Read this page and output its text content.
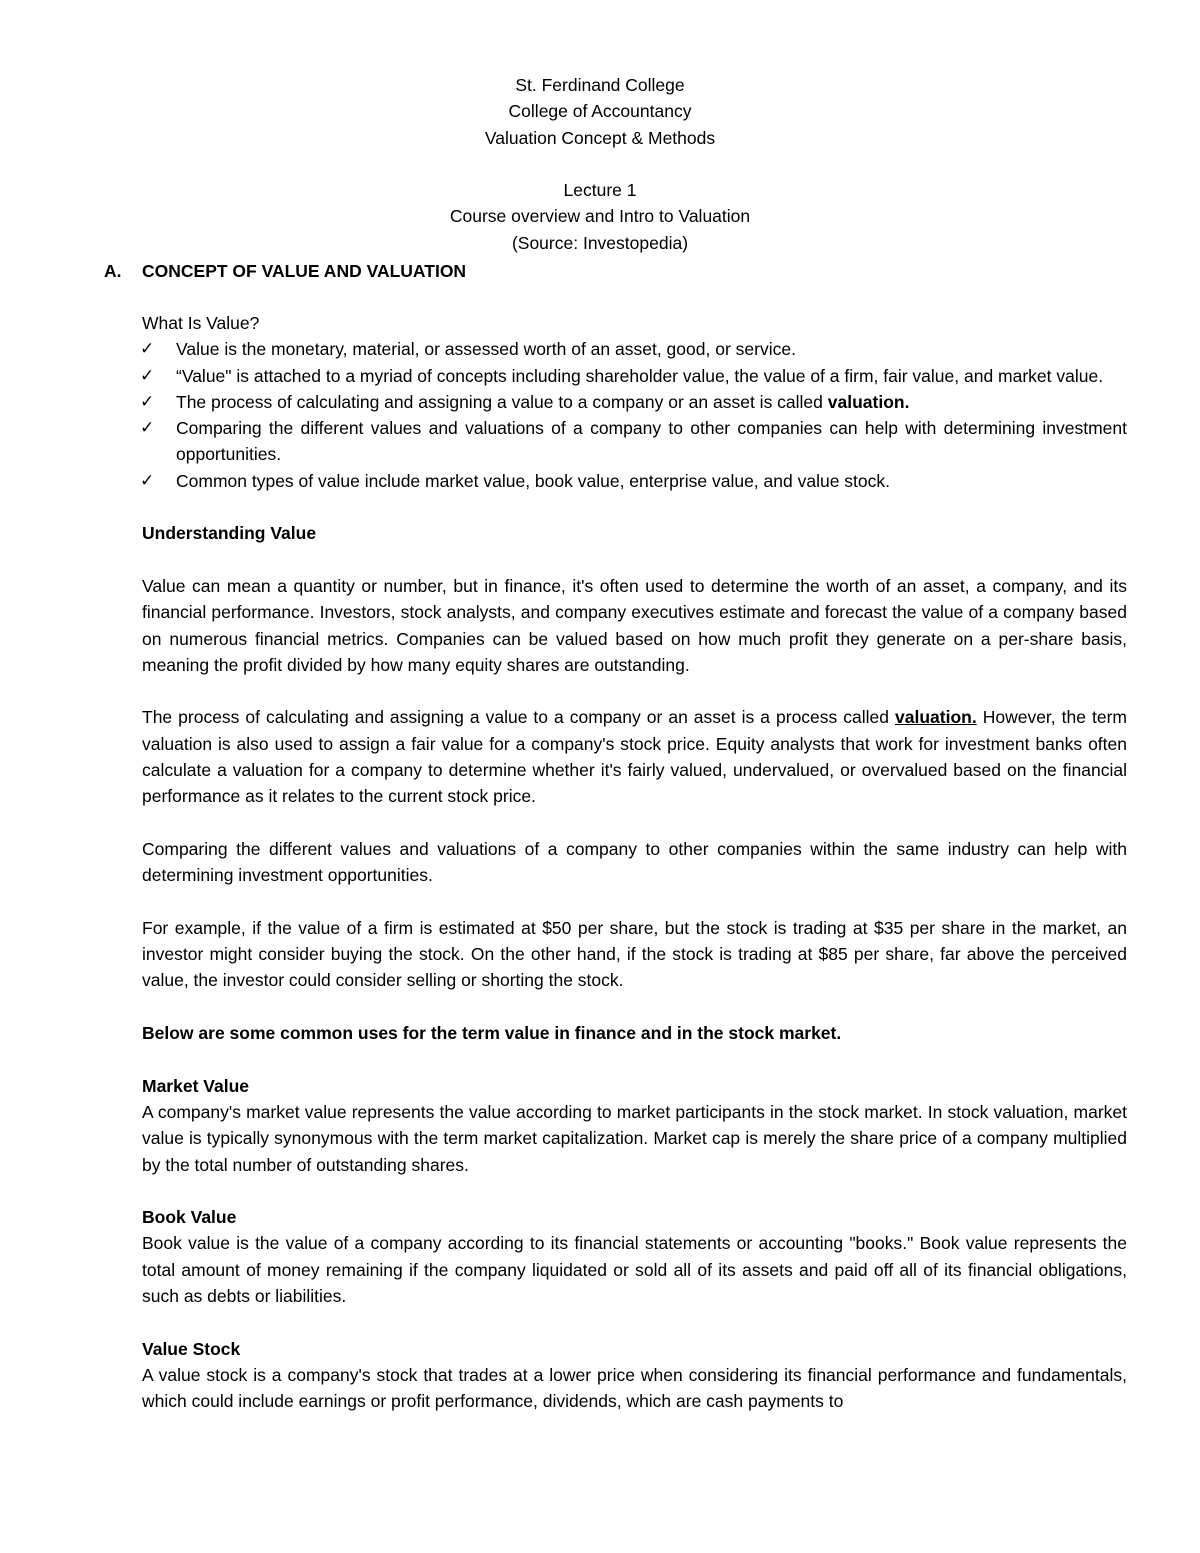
St. Ferdinand College
College of Accountancy
Valuation Concept & Methods
Lecture 1
Course overview and Intro to Valuation
(Source: Investopedia)
A. CONCEPT OF VALUE AND VALUATION

What Is Value?

✓ Value is the monetary, material, or assessed worth of an asset, good, or service.
✓ “Value" is attached to a myriad of concepts including shareholder value, the value of a firm, fair value, and market value.
✓ The process of calculating and assigning a value to a company or an asset is called valuation.
✓ Comparing the different values and valuations of a company to other companies can help with determining investment opportunities.
✓ Common types of value include market value, book value, enterprise value, and value stock.

Understanding Value

Value can mean a quantity or number, but in finance, it's often used to determine the worth of an asset, a company, and its financial performance. Investors, stock analysts, and company executives estimate and forecast the value of a company based on numerous financial metrics. Companies can be valued based on how much profit they generate on a per-share basis, meaning the profit divided by how many equity shares are outstanding.

The process of calculating and assigning a value to a company or an asset is a process called valuation. However, the term valuation is also used to assign a fair value for a company's stock price. Equity analysts that work for investment banks often calculate a valuation for a company to determine whether it's fairly valued, undervalued, or overvalued based on the financial performance as it relates to the current stock price.

Comparing the different values and valuations of a company to other companies within the same industry can help with determining investment opportunities.

For example, if the value of a firm is estimated at $50 per share, but the stock is trading at $35 per share in the market, an investor might consider buying the stock. On the other hand, if the stock is trading at $85 per share, far above the perceived value, the investor could consider selling or shorting the stock.

Below are some common uses for the term value in finance and in the stock market.

Market Value

A company's market value represents the value according to market participants in the stock market. In stock valuation, market value is typically synonymous with the term market capitalization. Market cap is merely the share price of a company multiplied by the total number of outstanding shares.

Book Value

Book value is the value of a company according to its financial statements or accounting "books." Book value represents the total amount of money remaining if the company liquidated or sold all of its assets and paid off all of its financial obligations, such as debts or liabilities.

Value Stock

A value stock is a company's stock that trades at a lower price when considering its financial performance and fundamentals, which could include earnings or profit performance, dividends, which are cash payments to
